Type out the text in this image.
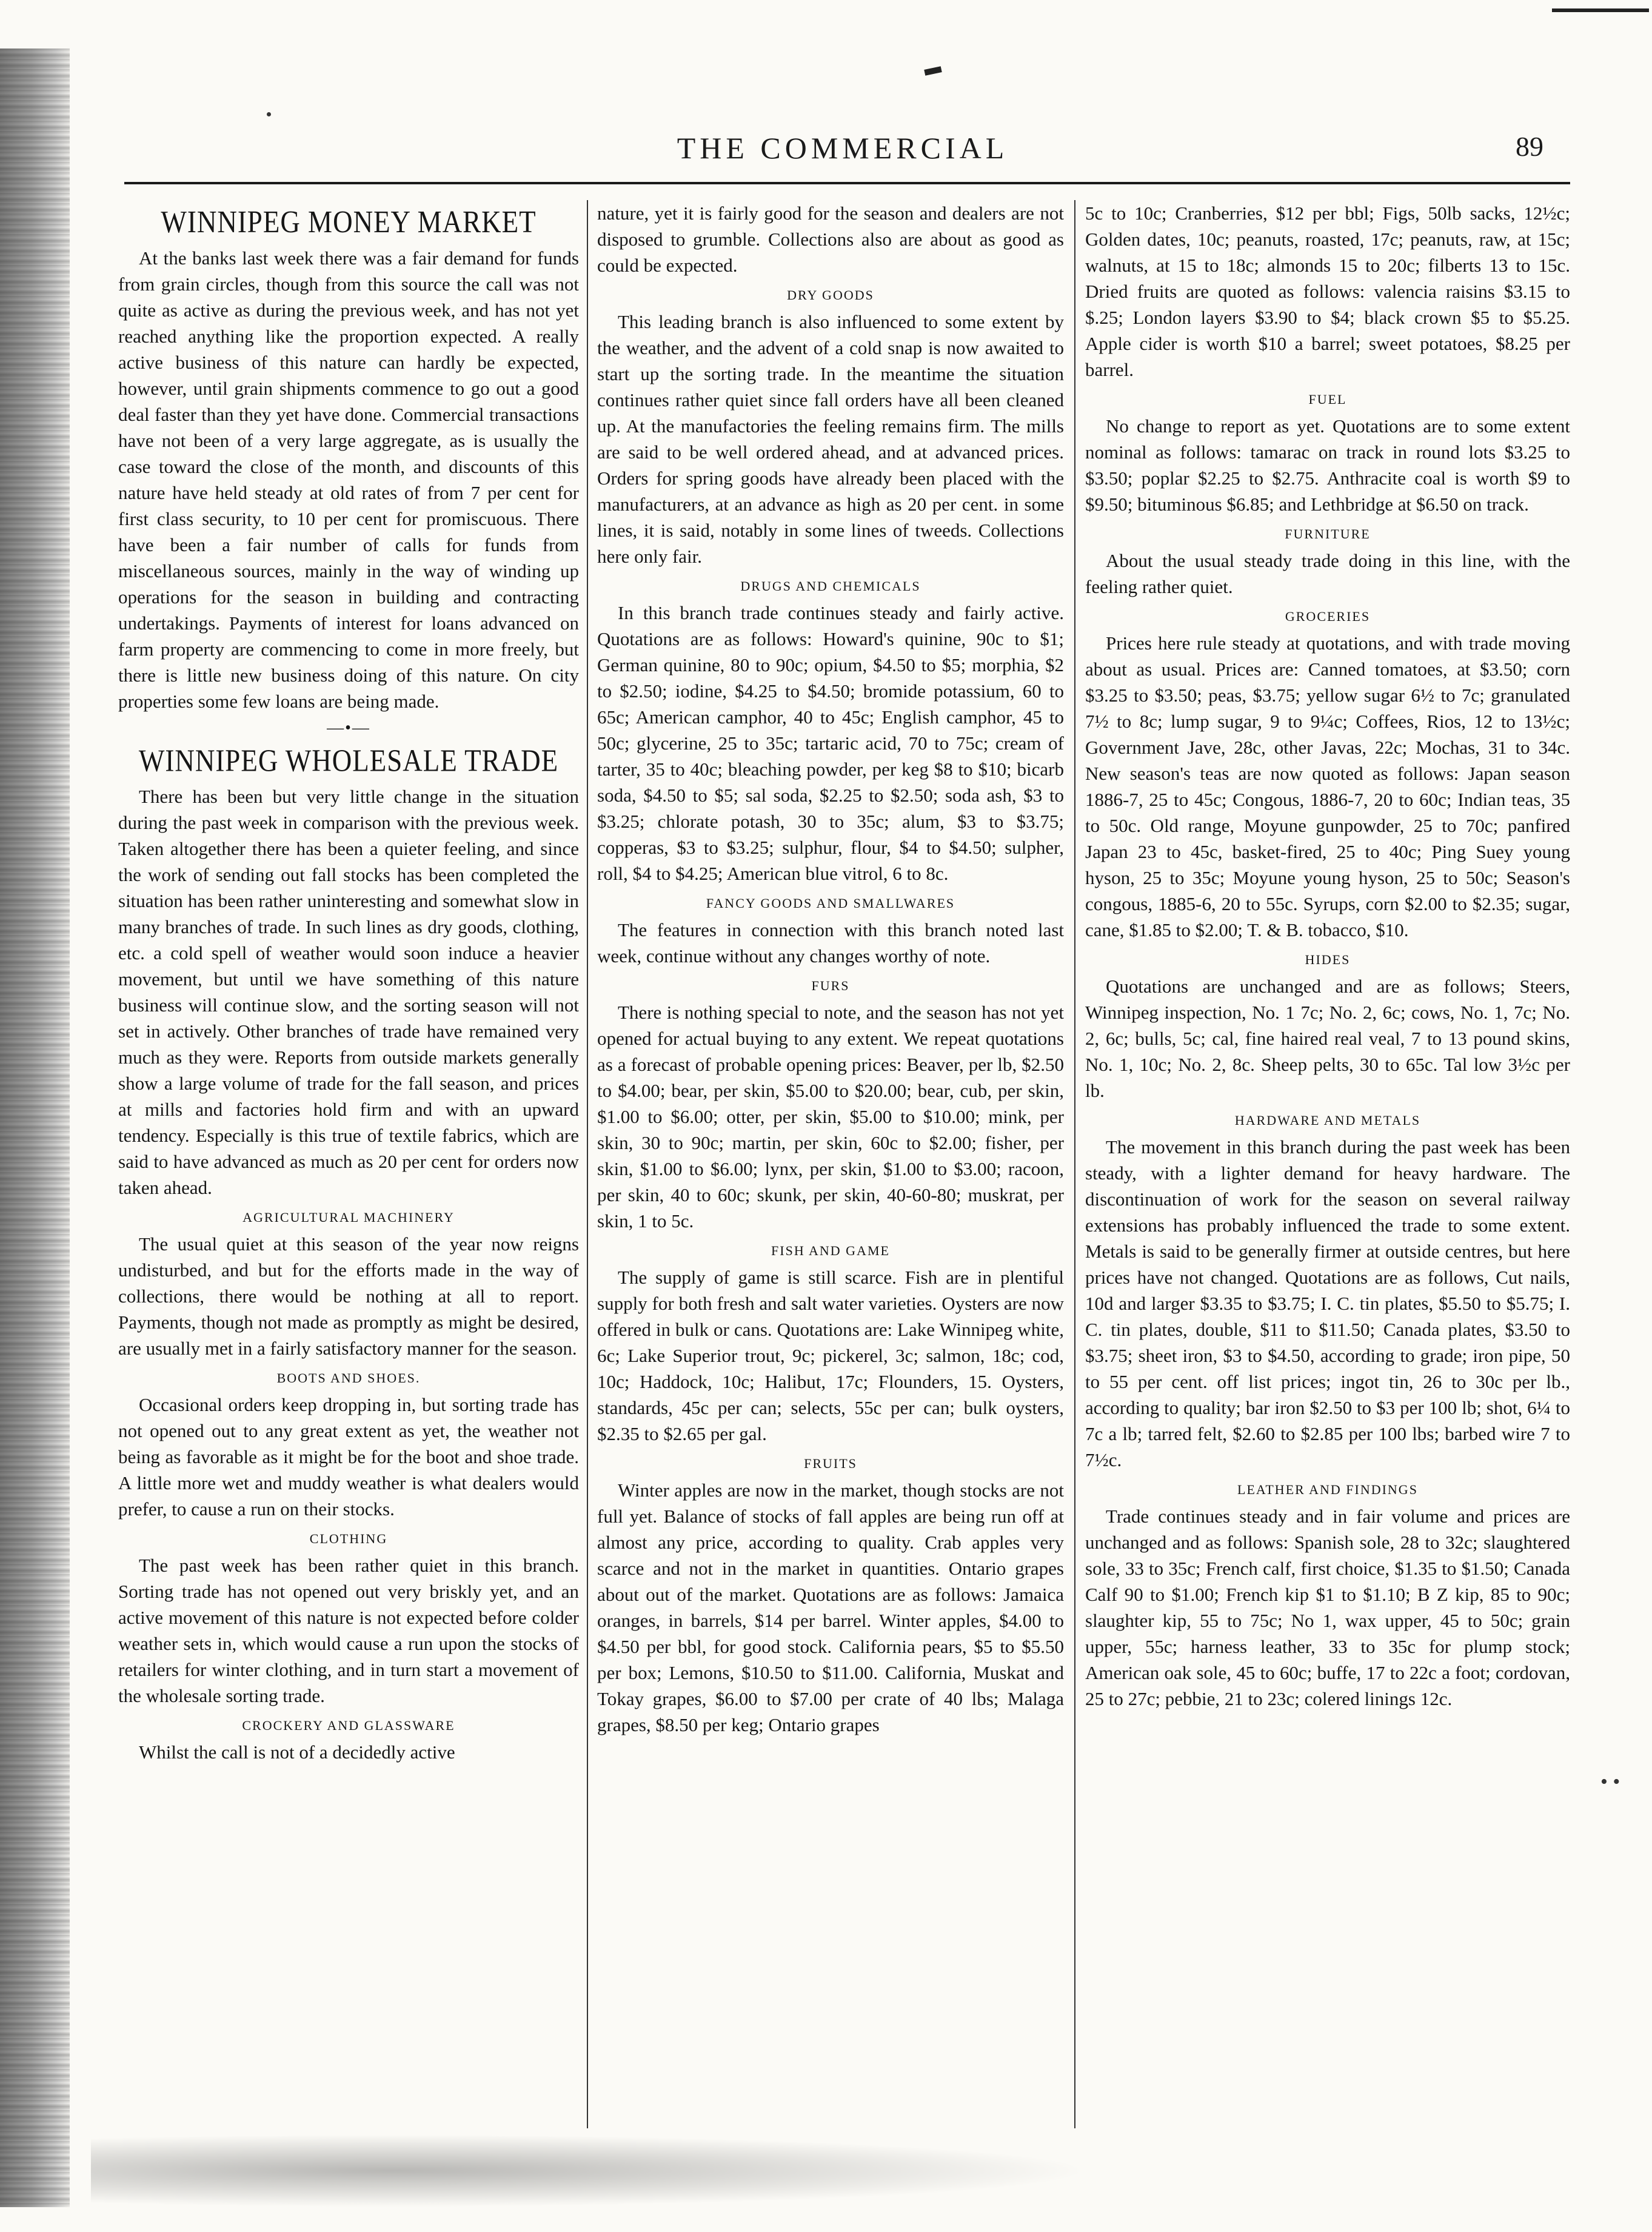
THE COMMERCIAL	89
WINNIPEG MONEY MARKET

At the banks last week there was a fair demand for funds from grain circles, though from this source the call was not quite as active as during the previous week, and has not yet reached anything like the proportion expected. A really active business of this nature can hardly be expected, however, until grain shipments commence to go out a good deal faster than they yet have done. Commercial transactions have not been of a very large aggregate, as is usually the case toward the close of the month, and discounts of this nature have held steady at old rates of from 7 per cent for first class security, to 10 per cent for promiscuous. There have been a fair number of calls for funds from miscellaneous sources, mainly in the way of winding up operations for the season in building and contracting undertakings. Payments of interest for loans advanced on farm property are commencing to come in more freely, but there is little new business doing of this nature. On city properties some few loans are being made.

—•—
WINNIPEG WHOLESALE TRADE

There has been but very little change in the situation during the past week in comparison with the previous week. Taken altogether there has been a quieter feeling, and since the work of sending out fall stocks has been completed the situation has been rather uninteresting and somewhat slow in many branches of trade. In such lines as dry goods, clothing, etc. a cold spell of weather would soon induce a heavier movement, but until we have something of this nature business will continue slow, and the sorting season will not set in actively. Other branches of trade have remained very much as they were. Reports from outside markets generally show a large volume of trade for the fall season, and prices at mills and factories hold firm and with an upward tendency. Especially is this true of textile fabrics, which are said to have advanced as much as 20 per cent for orders now taken ahead.

AGRICULTURAL MACHINERY

The usual quiet at this season of the year now reigns undisturbed, and but for the efforts made in the way of collections, there would be nothing at all to report. Payments, though not made as promptly as might be desired, are usually met in a fairly satisfactory manner for the season.

BOOTS AND SHOES.

Occasional orders keep dropping in, but sorting trade has not opened out to any great extent as yet, the weather not being as favorable as it might be for the boot and shoe trade. A little more wet and muddy weather is what dealers would prefer, to cause a run on their stocks.

CLOTHING

The past week has been rather quiet in this branch. Sorting trade has not opened out very briskly yet, and an active movement of this nature is not expected before colder weather sets in, which would cause a run upon the stocks of retailers for winter clothing, and in turn start a movement of the wholesale sorting trade.

CROCKERY AND GLASSWARE

Whilst the call is not of a decidedly active

nature, yet it is fairly good for the season and dealers are not disposed to grumble. Collections also are about as good as could be expected.

DRY GOODS

This leading branch is also influenced to some extent by the weather, and the advent of a cold snap is now awaited to start up the sorting trade. In the meantime the situation continues rather quiet since fall orders have all been cleaned up. At the manufactories the feeling remains firm. The mills are said to be well ordered ahead, and at advanced prices. Orders for spring goods have already been placed with the manufacturers, at an advance as high as 20 per cent. in some lines, it is said, notably in some lines of tweeds. Collections here only fair.

DRUGS AND CHEMICALS

In this branch trade continues steady and fairly active. Quotations are as follows: Howard's quinine, 90c to $1; German quinine, 80 to 90c; opium, $4.50 to $5; morphia, $2 to $2.50; iodine, $4.25 to $4.50; bromide potassium, 60 to 65c; American camphor, 40 to 45c; English camphor, 45 to 50c; glycerine, 25 to 35c; tartaric acid, 70 to 75c; cream of tarter, 35 to 40c; bleaching powder, per keg $8 to $10; bicarb soda, $4.50 to $5; sal soda, $2.25 to $2.50; soda ash, $3 to $3.25; chlorate potash, 30 to 35c; alum, $3 to $3.75; copperas, $3 to $3.25; sulphur, flour, $4 to $4.50; sulpher, roll, $4 to $4.25; American blue vitrol, 6 to 8c.

FANCY GOODS AND SMALLWARES

The features in connection with this branch noted last week, continue without any changes worthy of note.

FURS

There is nothing special to note, and the season has not yet opened for actual buying to any extent. We repeat quotations as a forecast of probable opening prices: Beaver, per lb, $2.50 to $4.00; bear, per skin, $5.00 to $20.00; bear, cub, per skin, $1.00 to $6.00; otter, per skin, $5.00 to $10.00; mink, per skin, 30 to 90c; martin, per skin, 60c to $2.00; fisher, per skin, $1.00 to $6.00; lynx, per skin, $1.00 to $3.00; racoon, per skin, 40 to 60c; skunk, per skin, 40-60-80; muskrat, per skin, 1 to 5c.

FISH AND GAME

The supply of game is still scarce. Fish are in plentiful supply for both fresh and salt water varieties. Oysters are now offered in bulk or cans. Quotations are: Lake Winnipeg white, 6c; Lake Superior trout, 9c; pickerel, 3c; salmon, 18c; cod, 10c; Haddock, 10c; Halibut, 17c; Flounders, 15. Oysters, standards, 45c per can; selects, 55c per can; bulk oysters, $2.35 to $2.65 per gal.

FRUITS

Winter apples are now in the market, though stocks are not full yet. Balance of stocks of fall apples are being run off at almost any price, according to quality. Crab apples very scarce and not in the market in quantities. Ontario grapes about out of the market. Quotations are as follows: Jamaica oranges, in barrels, $14 per barrel. Winter apples, $4.00 to $4.50 per bbl, for good stock. California pears, $5 to $5.50 per box; Lemons, $10.50 to $11.00. California, Muskat and Tokay grapes, $6.00 to $7.00 per crate of 40 lbs; Malaga grapes, $8.50 per keg; Ontario grapes

5c to 10c; Cranberries, $12 per bbl; Figs, 50lb sacks, 12½c; Golden dates, 10c; peanuts, roasted, 17c; peanuts, raw, at 15c; walnuts, at 15 to 18c; almonds 15 to 20c; filberts 13 to 15c. Dried fruits are quoted as follows: valencia raisins $3.15 to $.25; London layers $3.90 to $4; black crown $5 to $5.25. Apple cider is worth $10 a barrel; sweet potatoes, $8.25 per barrel.

FUEL

No change to report as yet. Quotations are to some extent nominal as follows: tamarac on track in round lots $3.25 to $3.50; poplar $2.25 to $2.75. Anthracite coal is worth $9 to $9.50; bituminous $6.85; and Lethbridge at $6.50 on track.

FURNITURE

About the usual steady trade doing in this line, with the feeling rather quiet.

GROCERIES

Prices here rule steady at quotations, and with trade moving about as usual. Prices are: Canned tomatoes, at $3.50; corn $3.25 to $3.50; peas, $3.75; yellow sugar 6½ to 7c; granulated 7½ to 8c; lump sugar, 9 to 9¼c; Coffees, Rios, 12 to 13½c; Government Jave, 28c, other Javas, 22c; Mochas, 31 to 34c. New season's teas are now quoted as follows: Japan season 1886-7, 25 to 45c; Congous, 1886-7, 20 to 60c; Indian teas, 35 to 50c. Old range, Moyune gunpowder, 25 to 70c; panfired Japan 23 to 45c, basket-fired, 25 to 40c; Ping Suey young hyson, 25 to 35c; Moyune young hyson, 25 to 50c; Season's congous, 1885-6, 20 to 55c. Syrups, corn $2.00 to $2.35; sugar, cane, $1.85 to $2.00; T. & B. tobacco, $10.

HIDES

Quotations are unchanged and are as follows; Steers, Winnipeg inspection, No. 1 7c; No. 2, 6c; cows, No. 1, 7c; No. 2, 6c; bulls, 5c; cal, fine haired real veal, 7 to 13 pound skins, No. 1, 10c; No. 2, 8c. Sheep pelts, 30 to 65c. Tal low 3½c per lb.

HARDWARE AND METALS

The movement in this branch during the past week has been steady, with a lighter demand for heavy hardware. The discontinuation of work for the season on several railway extensions has probably influenced the trade to some extent. Metals is said to be generally firmer at outside centres, but here prices have not changed. Quotations are as follows, Cut nails, 10d and larger $3.35 to $3.75; I. C. tin plates, $5.50 to $5.75; I. C. tin plates, double, $11 to $11.50; Canada plates, $3.50 to $3.75; sheet iron, $3 to $4.50, according to grade; iron pipe, 50 to 55 per cent. off list prices; ingot tin, 26 to 30c per lb., according to quality; bar iron $2.50 to $3 per 100 lb; shot, 6¼ to 7c a lb; tarred felt, $2.60 to $2.85 per 100 lbs; barbed wire 7 to 7½c.

LEATHER AND FINDINGS

Trade continues steady and in fair volume and prices are unchanged and as follows: Spanish sole, 28 to 32c; slaughtered sole, 33 to 35c; French calf, first choice, $1.35 to $1.50; Canada Calf 90 to $1.00; French kip $1 to $1.10; B Z kip, 85 to 90c; slaughter kip, 55 to 75c; No 1, wax upper, 45 to 50c; grain upper, 55c; harness leather, 33 to 35c for plump stock; American oak sole, 45 to 60c; buffe, 17 to 22c a foot; cordovan, 25 to 27c; pebbie, 21 to 23c; colered linings 12c.

• •
